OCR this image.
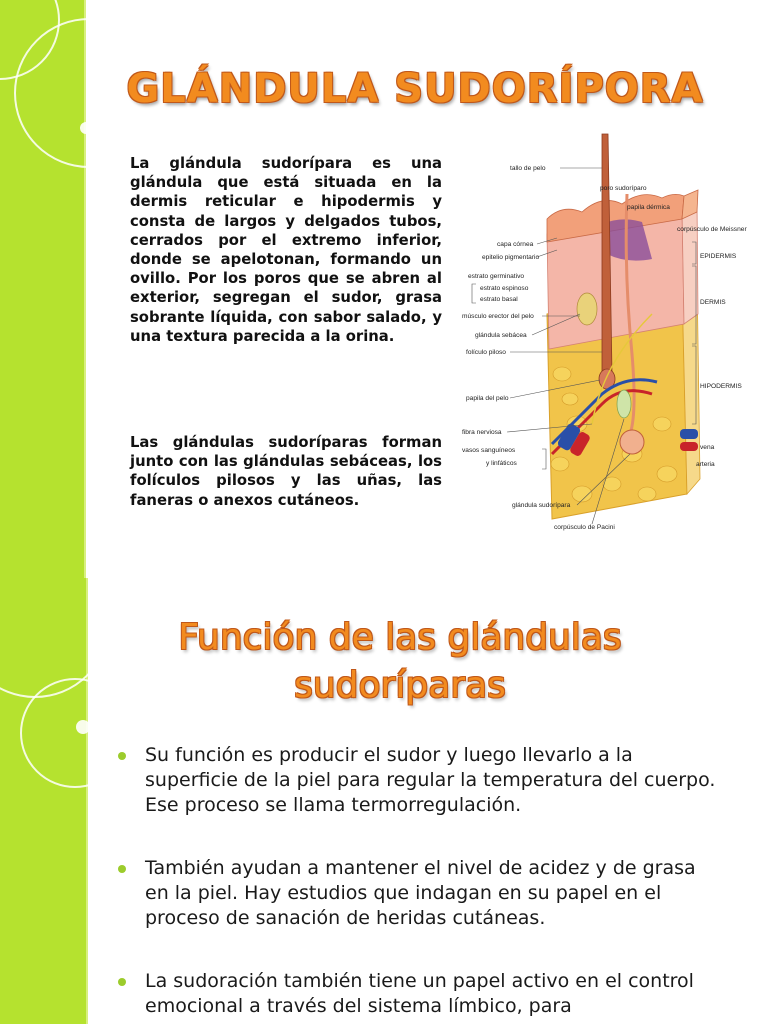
GLÁNDULA SUDORÍPORA

La glándula sudorípara es una glándula que está situada en la dermis reticular e hipodermis y consta de largos y delgados tubos, cerrados por el extremo inferior, donde se apelotonan, formando un ovillo. Por los poros que se abren al exterior, segregan el sudor, grasa sobrante líquida, con sabor salado, y una textura parecida a la orina.

Las glándulas sudoríparas forman junto con las glándulas sebáceas, los folículos pilosos y las uñas, las faneras o anexos cutáneos.

tallo de pelo
poro sudoríparo
papila dérmica
corpúsculo de Meissner
capa córnea
epitelio pigmentario
estrato germinativo
estrato espinoso
estrato basal
músculo erector del pelo
glándula sebácea
folículo piloso
papila del pelo
fibra nerviosa
vasos sanguíneos
y linfáticos
glándula sudorípara
corpúsculo de Pacini
EPIDERMIS
DERMIS
HIPODERMIS
vena
arteria
Función de las glándulas
sudoríparas
Su función es producir el sudor y luego llevarlo a la superficie de la piel para regular la temperatura del cuerpo. Ese proceso se llama termorregulación.
También ayudan a mantener el nivel de acidez y de grasa en la piel. Hay estudios que indagan en su papel en el proceso de sanación de heridas cutáneas.
La sudoración también tiene un papel activo en el control emocional a través del sistema límbico, para
